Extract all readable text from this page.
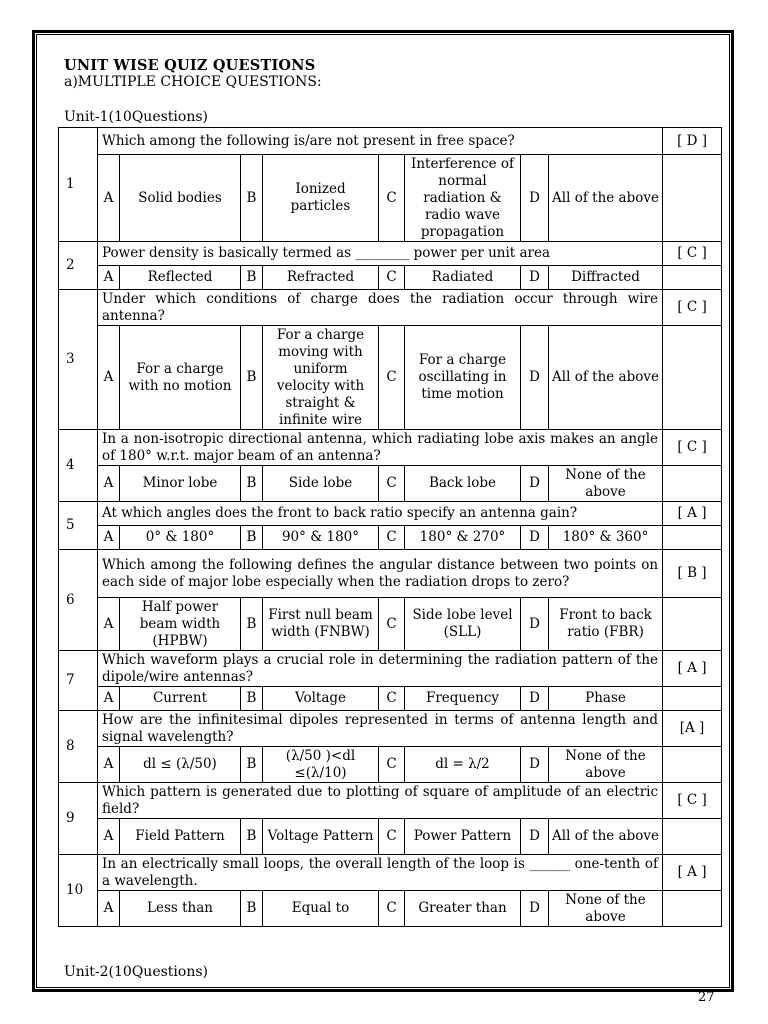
UNIT WISE QUIZ QUESTIONS
a)MULTIPLE CHOICE QUESTIONS:
Unit-1(10Questions)
1	Which among the following is/are not present in free space?								[ D ]
	A	Solid bodies	B	Ionized particles	C	Interference of normal radiation & radio wave propagation	D	All of the above	
2	Power density is basically termed as ________ power per unit area								[ C ]
	A	Reflected	B	Refracted	C	Radiated	D	Diffracted	
3	Under which conditions of charge does the radiation occur through wire antenna?								[ C ]
	A	For a charge with no motion	B	For a charge moving with uniform velocity with straight & infinite wire	C	For a charge oscillating in time motion	D	All of the above	
4	In a non-isotropic directional antenna, which radiating lobe axis makes an angle of 180° w.r.t. major beam of an antenna?								[ C ]
	A	Minor lobe	B	Side lobe	C	Back lobe	D	None of the above	
5	At which angles does the front to back ratio specify an antenna gain?								[ A ]
	A	0° & 180°	B	90° & 180°	C	180° & 270°	D	180° & 360°	
6	Which among the following defines the angular distance between two points on each side of major lobe especially when the radiation drops to zero?								[ B ]
	A	Half power beam width (HPBW)	B	First null beam width (FNBW)	C	Side lobe level (SLL)	D	Front to back ratio (FBR)	
7	Which waveform plays a crucial role in determining the radiation pattern of the dipole/wire antennas?								[ A ]
	A	Current	B	Voltage	C	Frequency	D	Phase	
8	How are the infinitesimal dipoles represented in terms of antenna length and signal wavelength?								[A ]
	A	dl ≤ (λ/50)	B	(λ/50 )<dl ≤(λ/10)	C	dl = λ/2	D	None of the above	
9	Which pattern is generated due to plotting of square of amplitude of an electric field?								[ C ]
	A	Field Pattern	B	Voltage Pattern	C	Power Pattern	D	All of the above	
10	In an electrically small loops, the overall length of the loop is ______ one-tenth of a wavelength.								[ A ]
	A	Less than	B	Equal to	C	Greater than	D	None of the above	
Unit-2(10Questions)
27
